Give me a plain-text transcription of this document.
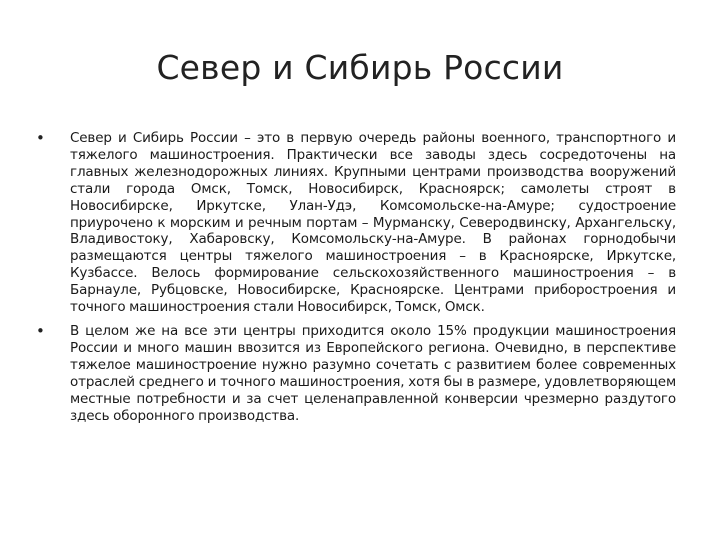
Север и Сибирь России
• Север и Сибирь России – это в первую очередь районы военного, транспортного и тяжелого машиностроения. Практически все заводы здесь сосредоточены на главных железнодорожных линиях. Крупными центрами производства вооружений стали города Омск, Томск, Новосибирск, Красноярск; самолеты строят в Новосибирске, Иркутске, Улан-Удэ, Комсомольске-на-Амуре; судостроение приурочено к морским и речным портам – Мурманску, Северодвинску, Архангельску, Владивостоку, Хабаровску, Комсомольску-на-Амуре. В районах горнодобычи размещаются центры тяжелого машиностроения – в Красноярске, Иркутске, Кузбассе. Велось формирование сельскохозяйственного машиностроения – в Барнауле, Рубцовске, Новосибирске, Красноярске. Центрами приборостроения и точного машиностроения стали Новосибирск, Томск, Омск.
• В целом же на все эти центры приходится около 15% продукции машиностроения России и много машин ввозится из Европейского региона. Очевидно, в перспективе тяжелое машиностроение нужно разумно сочетать с развитием более современных отраслей среднего и точного машиностроения, хотя бы в размере, удовлетворяющем местные потребности и за счет целенаправленной конверсии чрезмерно раздутого здесь оборонного производства.
